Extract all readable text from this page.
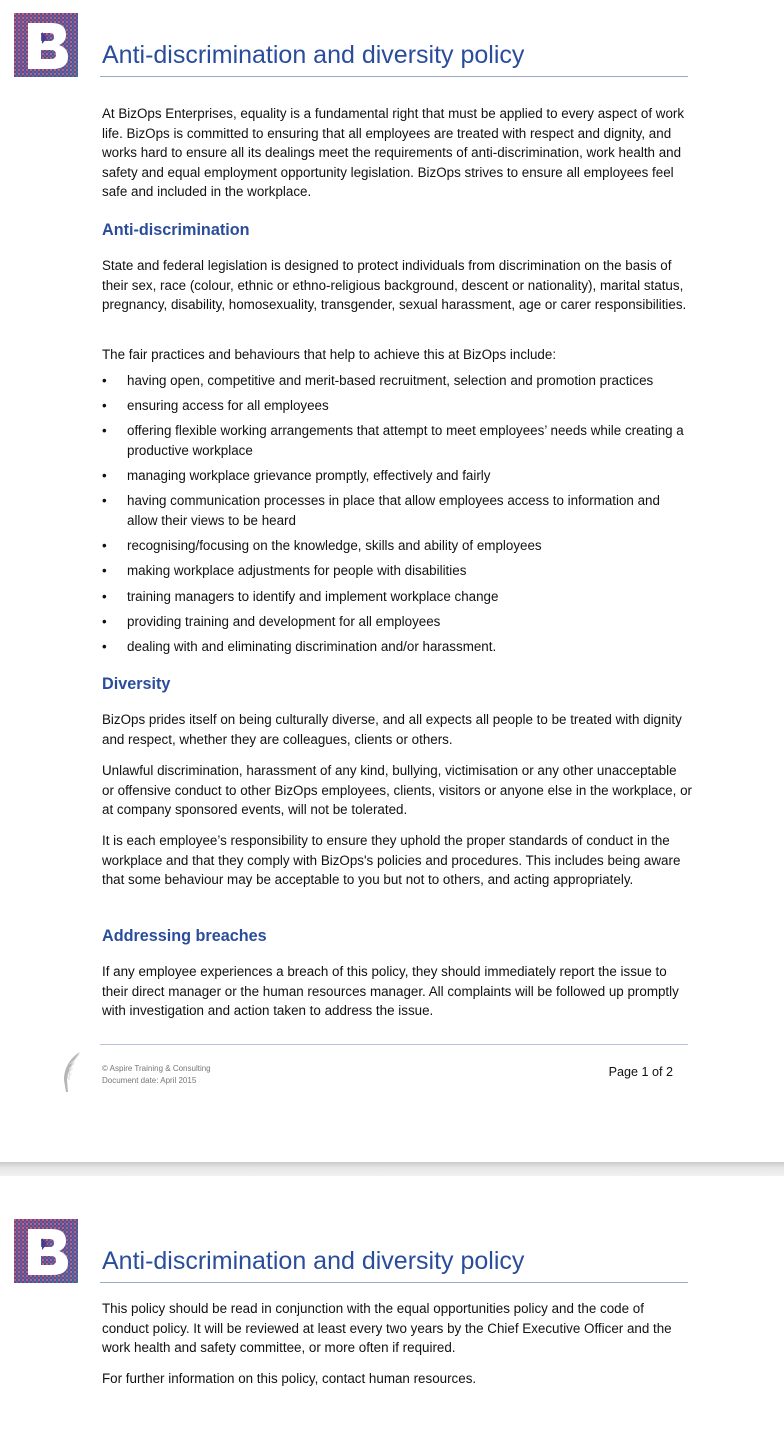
Anti-discrimination and diversity policy

At BizOps Enterprises, equality is a fundamental right that must be applied to every aspect of work life. BizOps is committed to ensuring that all employees are treated with respect and dignity, and works hard to ensure all its dealings meet the requirements of anti-discrimination, work health and safety and equal employment opportunity legislation. BizOps strives to ensure all employees feel safe and included in the workplace.

Anti-discrimination

State and federal legislation is designed to protect individuals from discrimination on the basis of their sex, race (colour, ethnic or ethno-religious background, descent or nationality), marital status, pregnancy, disability, homosexuality, transgender, sexual harassment, age or carer responsibilities.

The fair practices and behaviours that help to achieve this at BizOps include:

• having open, competitive and merit-based recruitment, selection and promotion practices
• ensuring access for all employees
• offering flexible working arrangements that attempt to meet employees’ needs while creating a productive workplace
• managing workplace grievance promptly, effectively and fairly
• having communication processes in place that allow employees access to information and allow their views to be heard
• recognising/focusing on the knowledge, skills and ability of employees
• making workplace adjustments for people with disabilities
• training managers to identify and implement workplace change
• providing training and development for all employees
• dealing with and eliminating discrimination and/or harassment.
Diversity

BizOps prides itself on being culturally diverse, and all expects all people to be treated with dignity and respect, whether they are colleagues, clients or others.

Unlawful discrimination, harassment of any kind, bullying, victimisation or any other unacceptable or offensive conduct to other BizOps employees, clients, visitors or anyone else in the workplace, or at company sponsored events, will not be tolerated.

It is each employee’s responsibility to ensure they uphold the proper standards of conduct in the workplace and that they comply with BizOps's policies and procedures. This includes being aware that some behaviour may be acceptable to you but not to others, and acting appropriately.

Addressing breaches

If any employee experiences a breach of this policy, they should immediately report the issue to their direct manager or the human resources manager. All complaints will be followed up promptly with investigation and action taken to address the issue.

© Aspire Training & Consulting
Document date: April 2015
Page 1 of 2
Anti-discrimination and diversity policy

This policy should be read in conjunction with the equal opportunities policy and the code of conduct policy. It will be reviewed at least every two years by the Chief Executive Officer and the work health and safety committee, or more often if required.

For further information on this policy, contact human resources.
